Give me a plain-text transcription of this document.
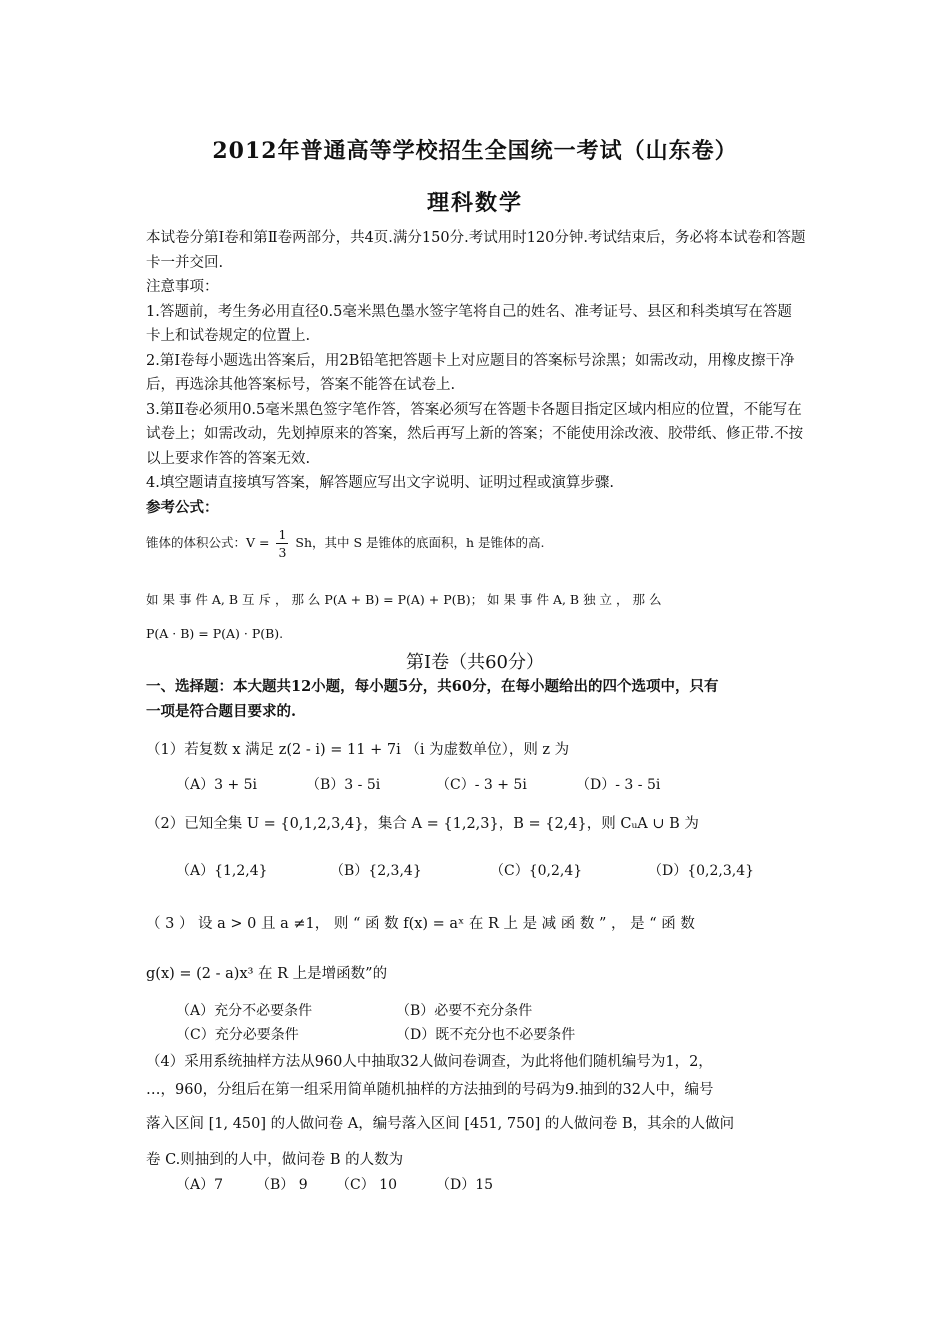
2012年普通高等学校招生全国统一考试（山东卷）
理科数学

本试卷分第Ⅰ卷和第Ⅱ卷两部分，共4页.满分150分.考试用时120分钟.考试结束后，务必将本试卷和答题卡一并交回.

注意事项：

1.答题前，考生务必用直径0.5毫米黑色墨水签字笔将自己的姓名、准考证号、县区和科类填写在答题卡上和试卷规定的位置上.

2.第Ⅰ卷每小题选出答案后，用2B铅笔把答题卡上对应题目的答案标号涂黑；如需改动，用橡皮擦干净后，再选涂其他答案标号，答案不能答在试卷上.

3.第Ⅱ卷必须用0.5毫米黑色签字笔作答，答案必须写在答题卡各题目指定区域内相应的位置，不能写在试卷上；如需改动，先划掉原来的答案，然后再写上新的答案；不能使用涂改液、胶带纸、修正带.不按以上要求作答的答案无效.

4.填空题请直接填写答案，解答题应写出文字说明、证明过程或演算步骤.

参考公式：

锥体的体积公式：$V = \frac{1}{3}$ Sh，其中 S 是锥体的底面积，h 是锥体的高.
如 果 事 件 A, B 互 斥 ， 那 么 P(A + B) = P(A) + P(B)； 如 果 事 件 A, B 独 立 ， 那 么
P(A · B) = P(A) · P(B).
第Ⅰ卷（共60分）

一、选择题：本大题共12小题，每小题5分，共60分，在每小题给出的四个选项中，只有

一项是符合题目要求的.

（1）若复数 x 满足 z(2 - i) = 11 + 7i （i 为虚数单位），则 z 为
（A）3 + 5i	（B）3 - 5i	（C）- 3 + 5i	（D）- 3 - 5i
（2）已知全集 U = {0,1,2,3,4}，集合 A = {1,2,3}，B = {2,4}，则 CᵤA ∪ B 为
（A）{1,2,4}	（B）{2,3,4}	（C）{0,2,4}	（D）{0,2,3,4}
（ 3 ） 设 a > 0 且 a ≠1， 则 “ 函 数 f(x) = aˣ 在 R 上 是 减 函 数 ” ， 是 “ 函 数
g(x) = (2 - a)x³ 在 R 上是增函数”的
（A）充分不必要条件	（B）必要不充分条件
（C）充分必要条件	（D）既不充分也不必要条件
（4）采用系统抽样方法从960人中抽取32人做问卷调查，为此将他们随机编号为1，2，
…，960，分组后在第一组采用简单随机抽样的方法抽到的号码为9.抽到的32人中，编号
落入区间 [1, 450] 的人做问卷 A，编号落入区间 [451, 750] 的人做问卷 B，其余的人做问
卷 C.则抽到的人中，做问卷 B 的人数为
（A）7 （B） 9 （C） 10	（D）15
